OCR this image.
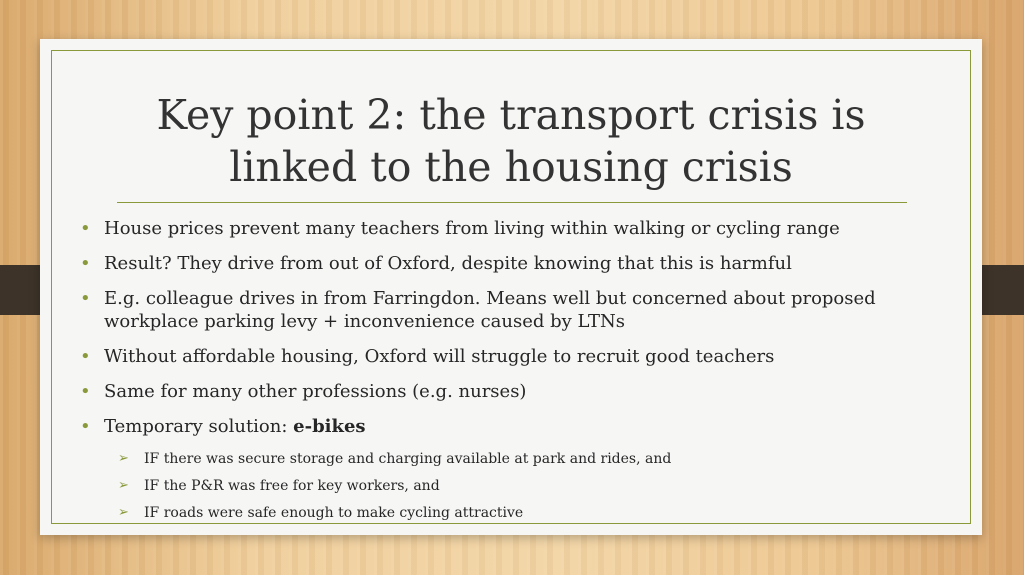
Key point 2: the transport crisis is
linked to the housing crisis
• House prices prevent many teachers from living within walking or cycling range
• Result? They drive from out of Oxford, despite knowing that this is harmful
• E.g. colleague drives in from Farringdon. Means well but concerned about proposed
workplace parking levy + inconvenience caused by LTNs
• Without affordable housing, Oxford will struggle to recruit good teachers
• Same for many other professions (e.g. nurses)
• Temporary solution: e-bikes
➢ IF there was secure storage and charging available at park and rides, and
➢ IF the P&R was free for key workers, and
➢ IF roads were safe enough to make cycling attractive
